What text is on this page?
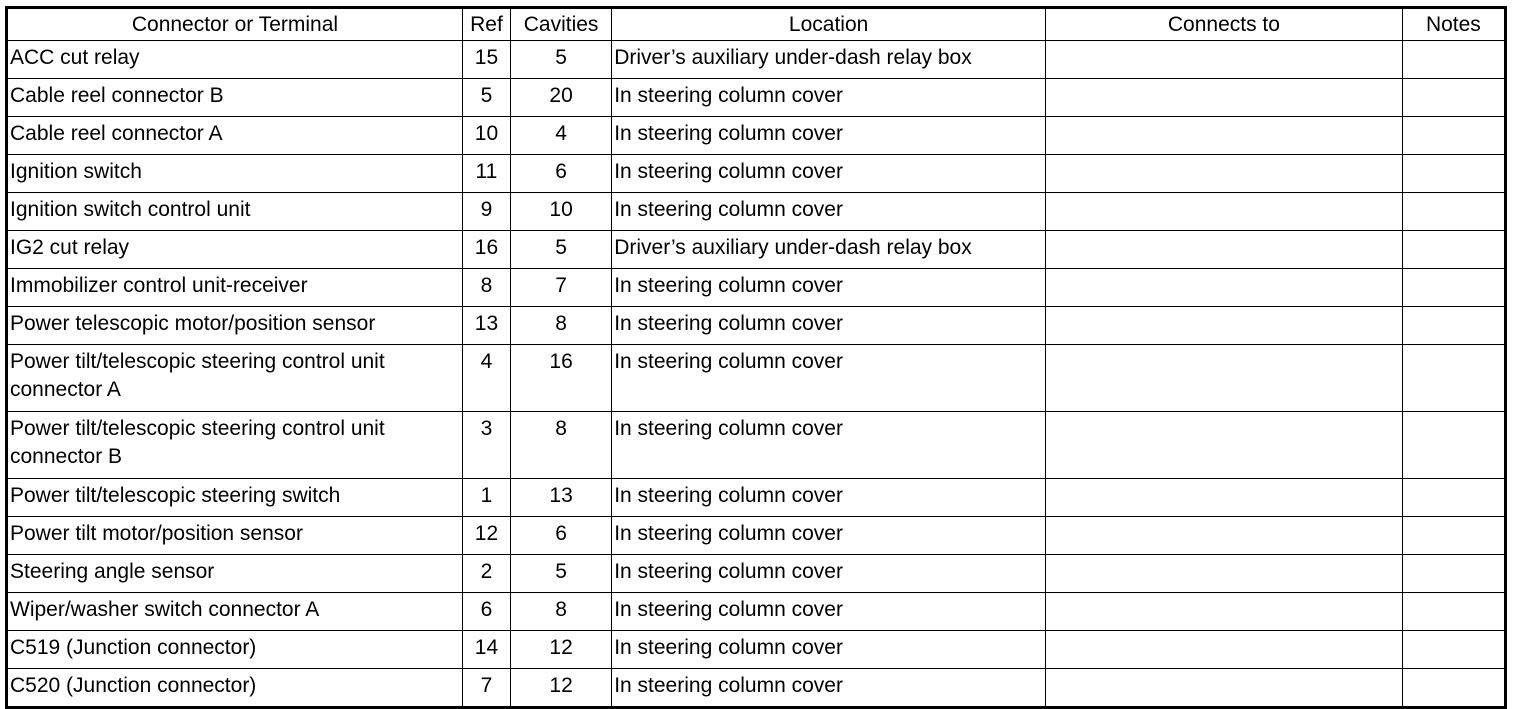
Connector or Terminal	Ref	Cavities	Location	Connects to	Notes
ACC cut relay	15	5	Driver’s auxiliary under-dash relay box		
Cable reel connector B	5	20	In steering column cover		
Cable reel connector A	10	4	In steering column cover		
Ignition switch	11	6	In steering column cover		
Ignition switch control unit	9	10	In steering column cover		
IG2 cut relay	16	5	Driver’s auxiliary under-dash relay box		
Immobilizer control unit-receiver	8	7	In steering column cover		
Power telescopic motor/position sensor	13	8	In steering column cover		
Power tilt/telescopic steering control unit connector A	4	16	In steering column cover		
Power tilt/telescopic steering control unit connector B	3	8	In steering column cover		
Power tilt/telescopic steering switch	1	13	In steering column cover		
Power tilt motor/position sensor	12	6	In steering column cover		
Steering angle sensor	2	5	In steering column cover		
Wiper/washer switch connector A	6	8	In steering column cover		
C519 (Junction connector)	14	12	In steering column cover		
C520 (Junction connector)	7	12	In steering column cover		
